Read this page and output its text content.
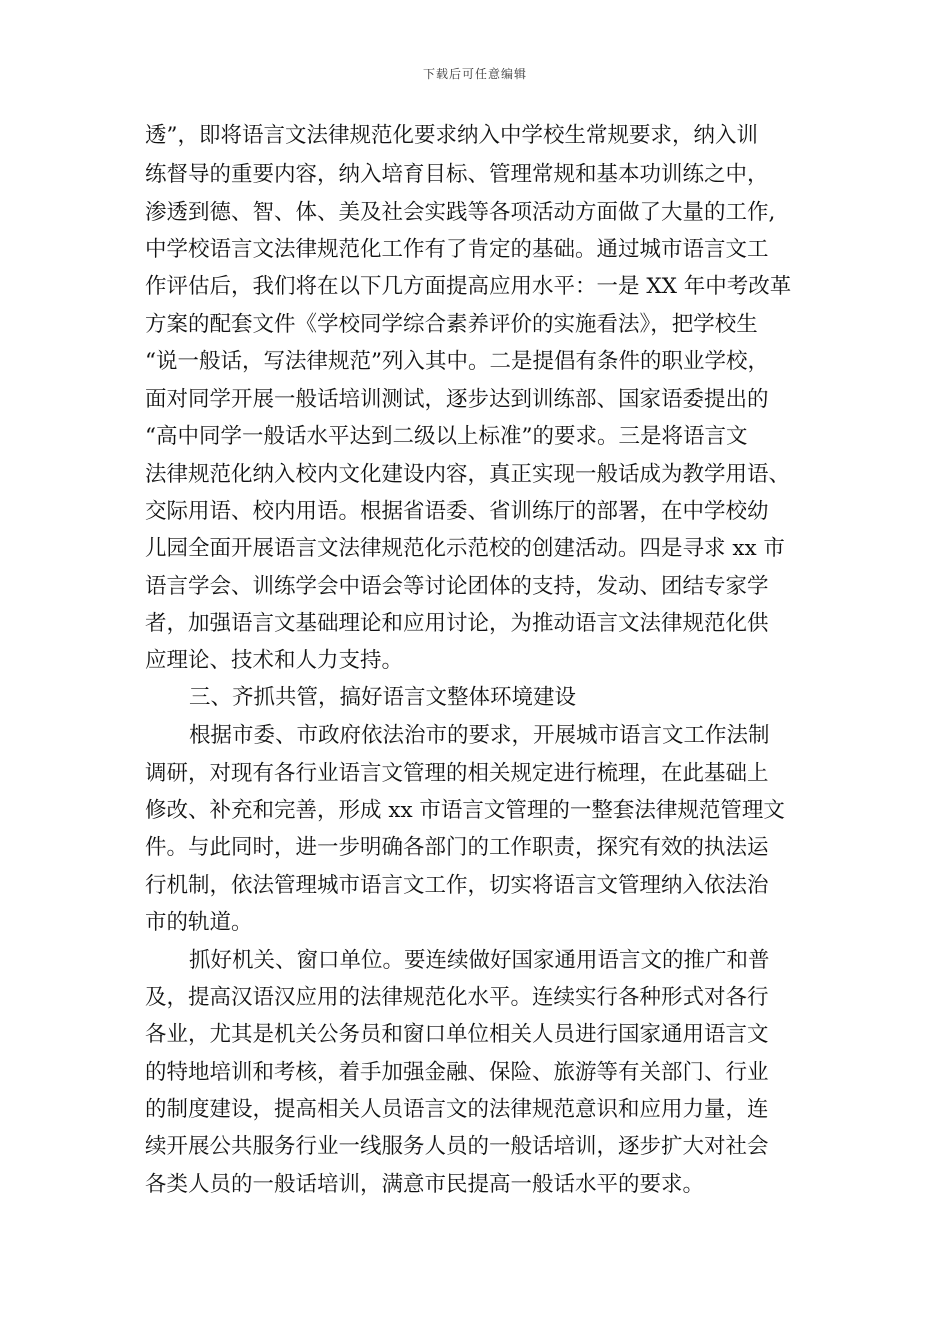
下载后可任意编辑
透”，即将语言文法律规范化要求纳入中学校生常规要求，纳入训
练督导的重要内容，纳入培育目标、管理常规和基本功训练之中，
渗透到德、智、体、美及社会实践等各项活动方面做了大量的工作,
中学校语言文法律规范化工作有了肯定的基础。通过城市语言文工
作评估后，我们将在以下几方面提高应用水平：一是 XX 年中考改革
方案的配套文件《学校同学综合素养评价的实施看法》，把学校生
“说一般话，写法律规范”列入其中。二是提倡有条件的职业学校，
面对同学开展一般话培训测试，逐步达到训练部、国家语委提出的
“高中同学一般话水平达到二级以上标准”的要求。三是将语言文
法律规范化纳入校内文化建设内容，真正实现一般话成为教学用语、
交际用语、校内用语。根据省语委、省训练厅的部署，在中学校幼
儿园全面开展语言文法律规范化示范校的创建活动。四是寻求 xx 市
语言学会、训练学会中语会等讨论团体的支持，发动、团结专家学
者，加强语言文基础理论和应用讨论，为推动语言文法律规范化供
应理论、技术和人力支持。
三、齐抓共管，搞好语言文整体环境建设
根据市委、市政府依法治市的要求，开展城市语言文工作法制
调研，对现有各行业语言文管理的相关规定进行梳理，在此基础上
修改、补充和完善，形成 xx 市语言文管理的一整套法律规范管理文
件。与此同时，进一步明确各部门的工作职责，探究有效的执法运
行机制，依法管理城市语言文工作，切实将语言文管理纳入依法治
市的轨道。
抓好机关、窗口单位。要连续做好国家通用语言文的推广和普
及，提高汉语汉应用的法律规范化水平。连续实行各种形式对各行
各业，尤其是机关公务员和窗口单位相关人员进行国家通用语言文
的特地培训和考核，着手加强金融、保险、旅游等有关部门、行业
的制度建设，提高相关人员语言文的法律规范意识和应用力量，连
续开展公共服务行业一线服务人员的一般话培训，逐步扩大对社会
各类人员的一般话培训，满意市民提高一般话水平的要求。
